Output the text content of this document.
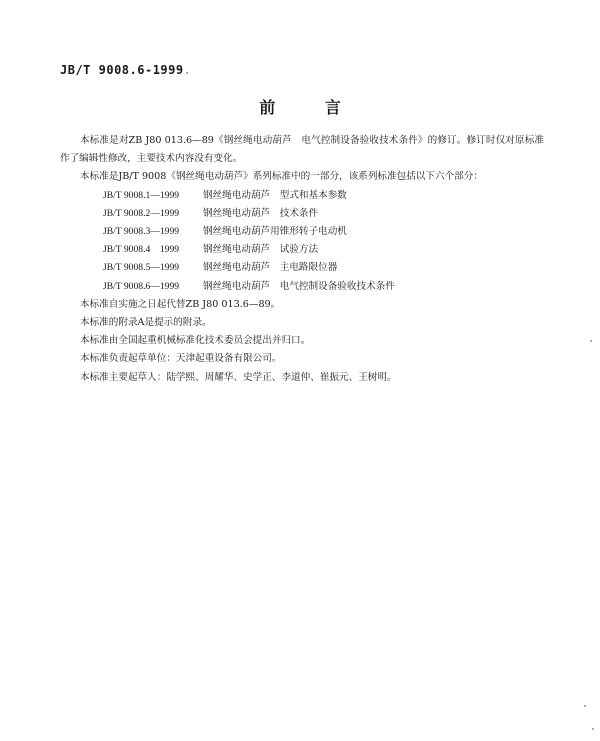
JB/T 9008.6-1999
前 言

本标准是对ZB J80 013.6—89《钢丝绳电动葫芦　电气控制设备验收技术条件》的修订。修订时仅对原标准作了编辑性修改，主要技术内容没有变化。

本标准是JB/T 9008《钢丝绳电动葫芦》系列标准中的一部分，该系列标准包括以下六个部分：

JB/T 9008.1—1999	钢丝绳电动葫芦　型式和基本参数
JB/T 9008.2—1999	钢丝绳电动葫芦　技术条件
JB/T 9008.3—1999	钢丝绳电动葫芦用锥形转子电动机
JB/T 9008.4　1999	钢丝绳电动葫芦　试验方法
JB/T 9008.5—1999	钢丝绳电动葫芦　主电路限位器
JB/T 9008.6—1999	钢丝绳电动葫芦　电气控制设备验收技术条件

本标准自实施之日起代替ZB J80 013.6—89。

本标准的附录A是提示的附录。

本标准由全国起重机械标准化技术委员会提出并归口。

本标准负责起草单位：天津起重设备有限公司。

本标准主要起草人：陆学熙、周耀华、史学正、李道仲、崔振元、王树明。
